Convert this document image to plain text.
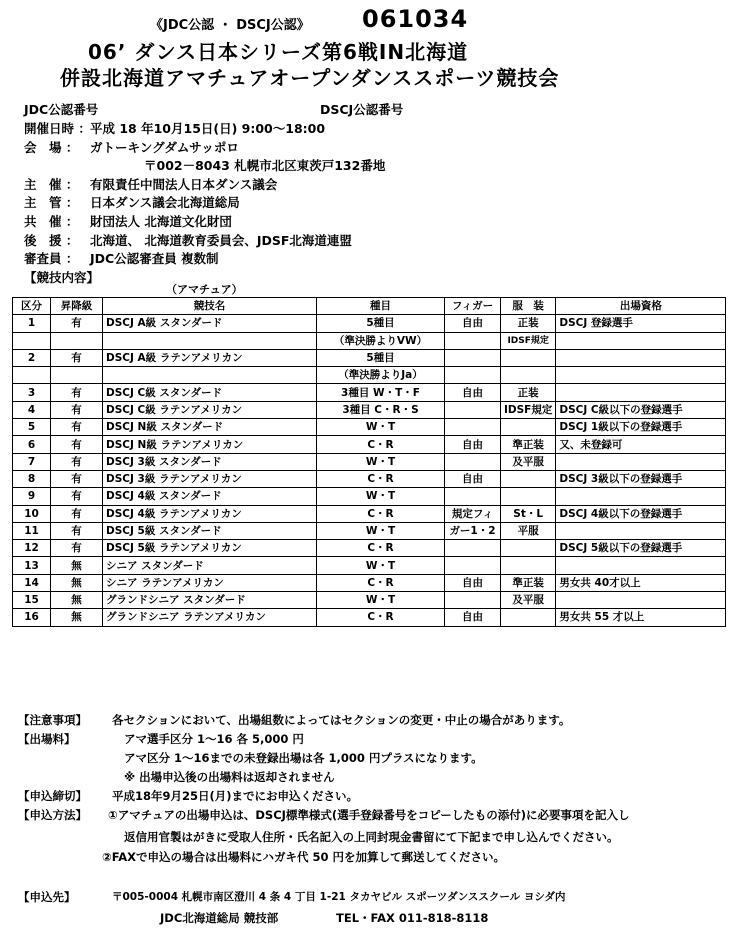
《JDC公認 ・ DSCJ公認》 061034
06’ ダンス日本シリーズ第6戦IN北海道
併設北海道アマチュアオープンダンススポーツ競技会
JDC公認番号	DSCJ公認番号
開催日時 ：平成 18 年10月15日(日) 9:00～18:00
会　場 ： ガトーキングダムサッポロ
〒002－8043 札幌市北区東茨戸132番地
主　催 ： 有限責任中間法人日本ダンス議会
主　管 ： 日本ダンス議会北海道総局
共　催 ： 財団法人 北海道文化財団
後　援 ： 北海道、 北海道教育委員会、JDSF北海道連盟
審査員 ： JDC公認審査員 複数制
【競技内容】
（アマチュア）
区分	昇降級	競技名	種目	フィガー	服　装	出場資格
1	有	DSCJ A級 スタンダード	5種目	自由	正装	DSCJ 登録選手
			（準決勝よりVW）		IDSF規定	
2	有	DSCJ A級 ラテンアメリカン	5種目			
			（準決勝よりJa）			
3	有	DSCJ C級 スタンダード	3種目 W・T・F	自由	正装	
4	有	DSCJ C級 ラテンアメリカン	3種目 C・R・S		IDSF規定	DSCJ C級以下の登録選手
5	有	DSCJ N級 スタンダード	W・T			DSCJ 1級以下の登録選手
6	有	DSCJ N級 ラテンアメリカン	C・R	自由	準正装	又、未登録可
7	有	DSCJ 3級 スタンダード	W・T		及平服	
8	有	DSCJ 3級 ラテンアメリカン	C・R	自由		DSCJ 3級以下の登録選手
9	有	DSCJ 4級 スタンダード	W・T			
10	有	DSCJ 4級 ラテンアメリカン	C・R	規定フィ	St・L	DSCJ 4級以下の登録選手
11	有	DSCJ 5級 スタンダード	W・T	ガー1・2	平服	
12	有	DSCJ 5級 ラテンアメリカン	C・R			DSCJ 5級以下の登録選手
13	無	シニア スタンダード	W・T			
14	無	シニア ラテンアメリカン	C・R	自由	準正装	男女共 40才以上
15	無	グランドシニア スタンダード	W・T		及平服	
16	無	グランドシニア ラテンアメリカン	C・R	自由		男女共 55 才以上
【注意事項】 各セクションにおいて、出場組数によってはセクションの変更・中止の場合があります。
【出場料】	アマ選手区分 1～16 各 5,000 円
アマ区分 1～16までの未登録出場は各 1,000 円プラスになります。
※ 出場申込後の出場料は返却されません
【申込締切】 平成18年9月25日(月)までにお申込ください。
【申込方法】 ①アマチュアの出場申込は、DSCJ標準様式(選手登録番号をコピーしたもの添付)に必要事項を記入し
返信用官製はがきに受取人住所・氏名記入の上同封現金書留にて下記まで申し込んでください。
②FAXで申込の場合は出場料にハガキ代 50 円を加算して郵送してください。
【申込先】	〒005-0004 札幌市南区澄川 4 条 4 丁目 1-21 タカヤビル スポーツダンススクール ヨシダ内
JDC北海道総局 競技部	TEL・FAX 011-818-8118
